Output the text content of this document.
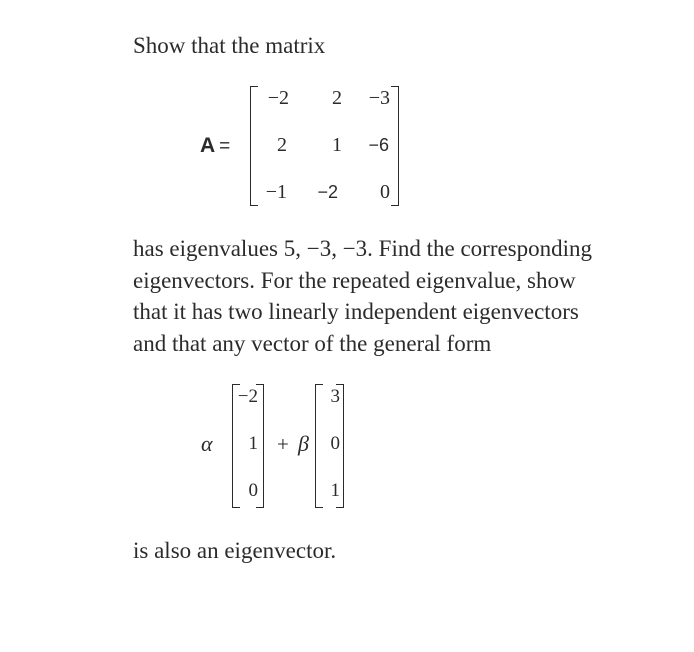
Show that the matrix
A =
−2	2	−3
2	1	−6
−1	−2	0
has eigenvalues 5, −3, −3. Find the corresponding
eigenvectors. For the repeated eigenvalue, show
that it has two linearly independent eigenvectors
and that any vector of the general form
α
−2
1
0
+ β
3
0
1
is also an eigenvector.
